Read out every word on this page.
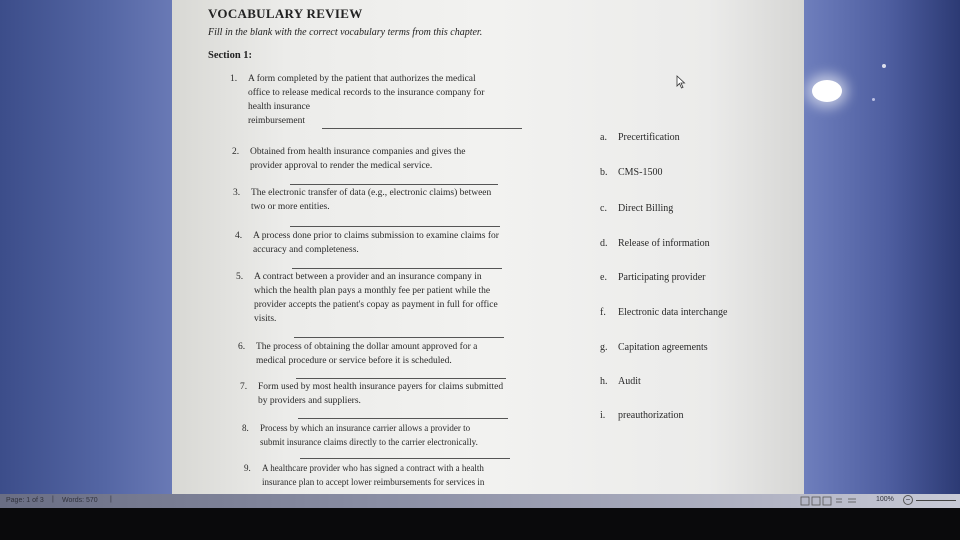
VOCABULARY REVIEW
Fill in the blank with the correct vocabulary terms from this chapter.
Section 1:
1. A form completed by the patient that authorizes the medical
office to release medical records to the insurance company for
health insurance
reimbursement
2. Obtained from health insurance companies and gives the
provider approval to render the medical service.
3. The electronic transfer of data (e.g., electronic claims) between
two or more entities.
4. A process done prior to claims submission to examine claims for
accuracy and completeness.
5. A contract between a provider and an insurance company in
which the health plan pays a monthly fee per patient while the
provider accepts the patient's copay as payment in full for office
visits.
6. The process of obtaining the dollar amount approved for a
medical procedure or service before it is scheduled.
7. Form used by most health insurance payers for claims submitted
by providers and suppliers.
8. Process by which an insurance carrier allows a provider to
submit insurance claims directly to the carrier electronically.
9. A healthcare provider who has signed a contract with a health
insurance plan to accept lower reimbursements for services in
a. Precertification
b. CMS-1500
c. Direct Billing
d. Release of information
e. Participating provider
f. Electronic data interchange
g. Capitation agreements
h. Audit
i. preauthorization
Page: 1 of 3 | Words: 570 |	100%	−
